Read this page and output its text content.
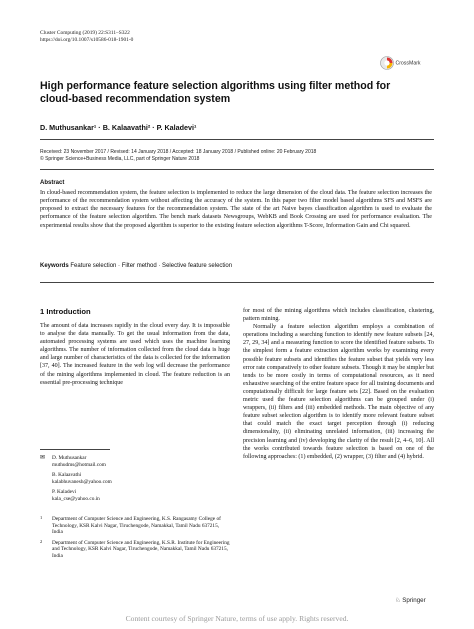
Cluster Computing (2019) 22:S311–S322
https://doi.org/10.1007/s10586-018-1901-0
CrossMark
High performance feature selection algorithms using filter method for cloud-based recommendation system
D. Muthusankar¹ · B. Kalaavathi² · P. Kaladevi¹
Received: 23 November 2017 / Revised: 14 January 2018 / Accepted: 18 January 2018 / Published online: 20 February 2018
© Springer Science+Business Media, LLC, part of Springer Nature 2018
Abstract
In cloud-based recommendation system, the feature selection is implemented to reduce the large dimension of the cloud data. The feature selection increases the performance of the recommendation system without affecting the accuracy of the system. In this paper two filter model based algorithms SFS and MSFS are proposed to extract the necessary features for the recommendation system. The state of the art Naive bayes classification algorithm is used to evaluate the performance of the feature selection algorithm. The bench mark datasets Newsgroups, WebKB and Book Crossing are used for performance evaluation. The experimental results show that the proposed algorithm is superior to the existing feature selection algorithms T-Score, Information Gain and Chi squared.
Keywords Feature selection · Filter method · Selective feature selection
1 Introduction
The amount of data increases rapidly in the cloud every day. It is impossible to analyse the data manually. To get the usual information from the data, automated processing systems are used which uses the machine learning algorithms. The number of information collected from the cloud data is huge and large number of characteristics of the data is collected for the information [37, 40]. The increased feature in the web log will decrease the performance of the mining algorithms implemented in cloud. The feature reduction is an essential pre-processing technique
✉ D. Muthusankar
muthudms@hotmail.com
B. Kalaavathi
kalabhuvanesh@yahoo.com
P. Kaladevi
kala_cse@yahoo.co.in
1 Department of Computer Science and Engineering, K.S. Rangasamy College of Technology, KSR Kalvi Nagar, Tiruchengode, Namakkal, Tamil Nadu 637215, India
2 Department of Computer Science and Engineering, K.S.R. Institute for Engineering and Technology, KSR Kalvi Nagar, Tiruchengode, Namakkal, Tamil Nadu 637215, India
for most of the mining algorithms which includes classification, clustering, pattern mining.
Normally a feature selection algorithm employs a combination of operations including a searching function to identify new feature subsets [24, 27, 29, 34] and a measuring function to score the identified feature subsets. To the simplest form a feature extraction algorithm works by examining every possible feature subsets and identifies the feature subset that yields very less error rate comparatively to other feature subsets. Though it may be simpler but tends to be more costly in terms of computational resources, as it need exhaustive searching of the entire feature space for all training documents and computationally difficult for large feature sets [22]. Based on the evaluation metric used the feature selection algorithms can be grouped under (i) wrappers, (ii) filters and (iii) embedded methods. The main objective of any feature subset selection algorithm is to identify more relevant feature subset that could match the exact target perception through (i) reducing dimensionality, (ii) eliminating unrelated information, (iii) increasing the precision learning and (iv) developing the clarity of the result [2, 4–6, 10]. All the works contributed towards feature selection is based on one of the following approaches: (1) embedded, (2) wrapper, (3) filter and (4) hybrid.
♘ Springer
Content courtesy of Springer Nature, terms of use apply. Rights reserved.
